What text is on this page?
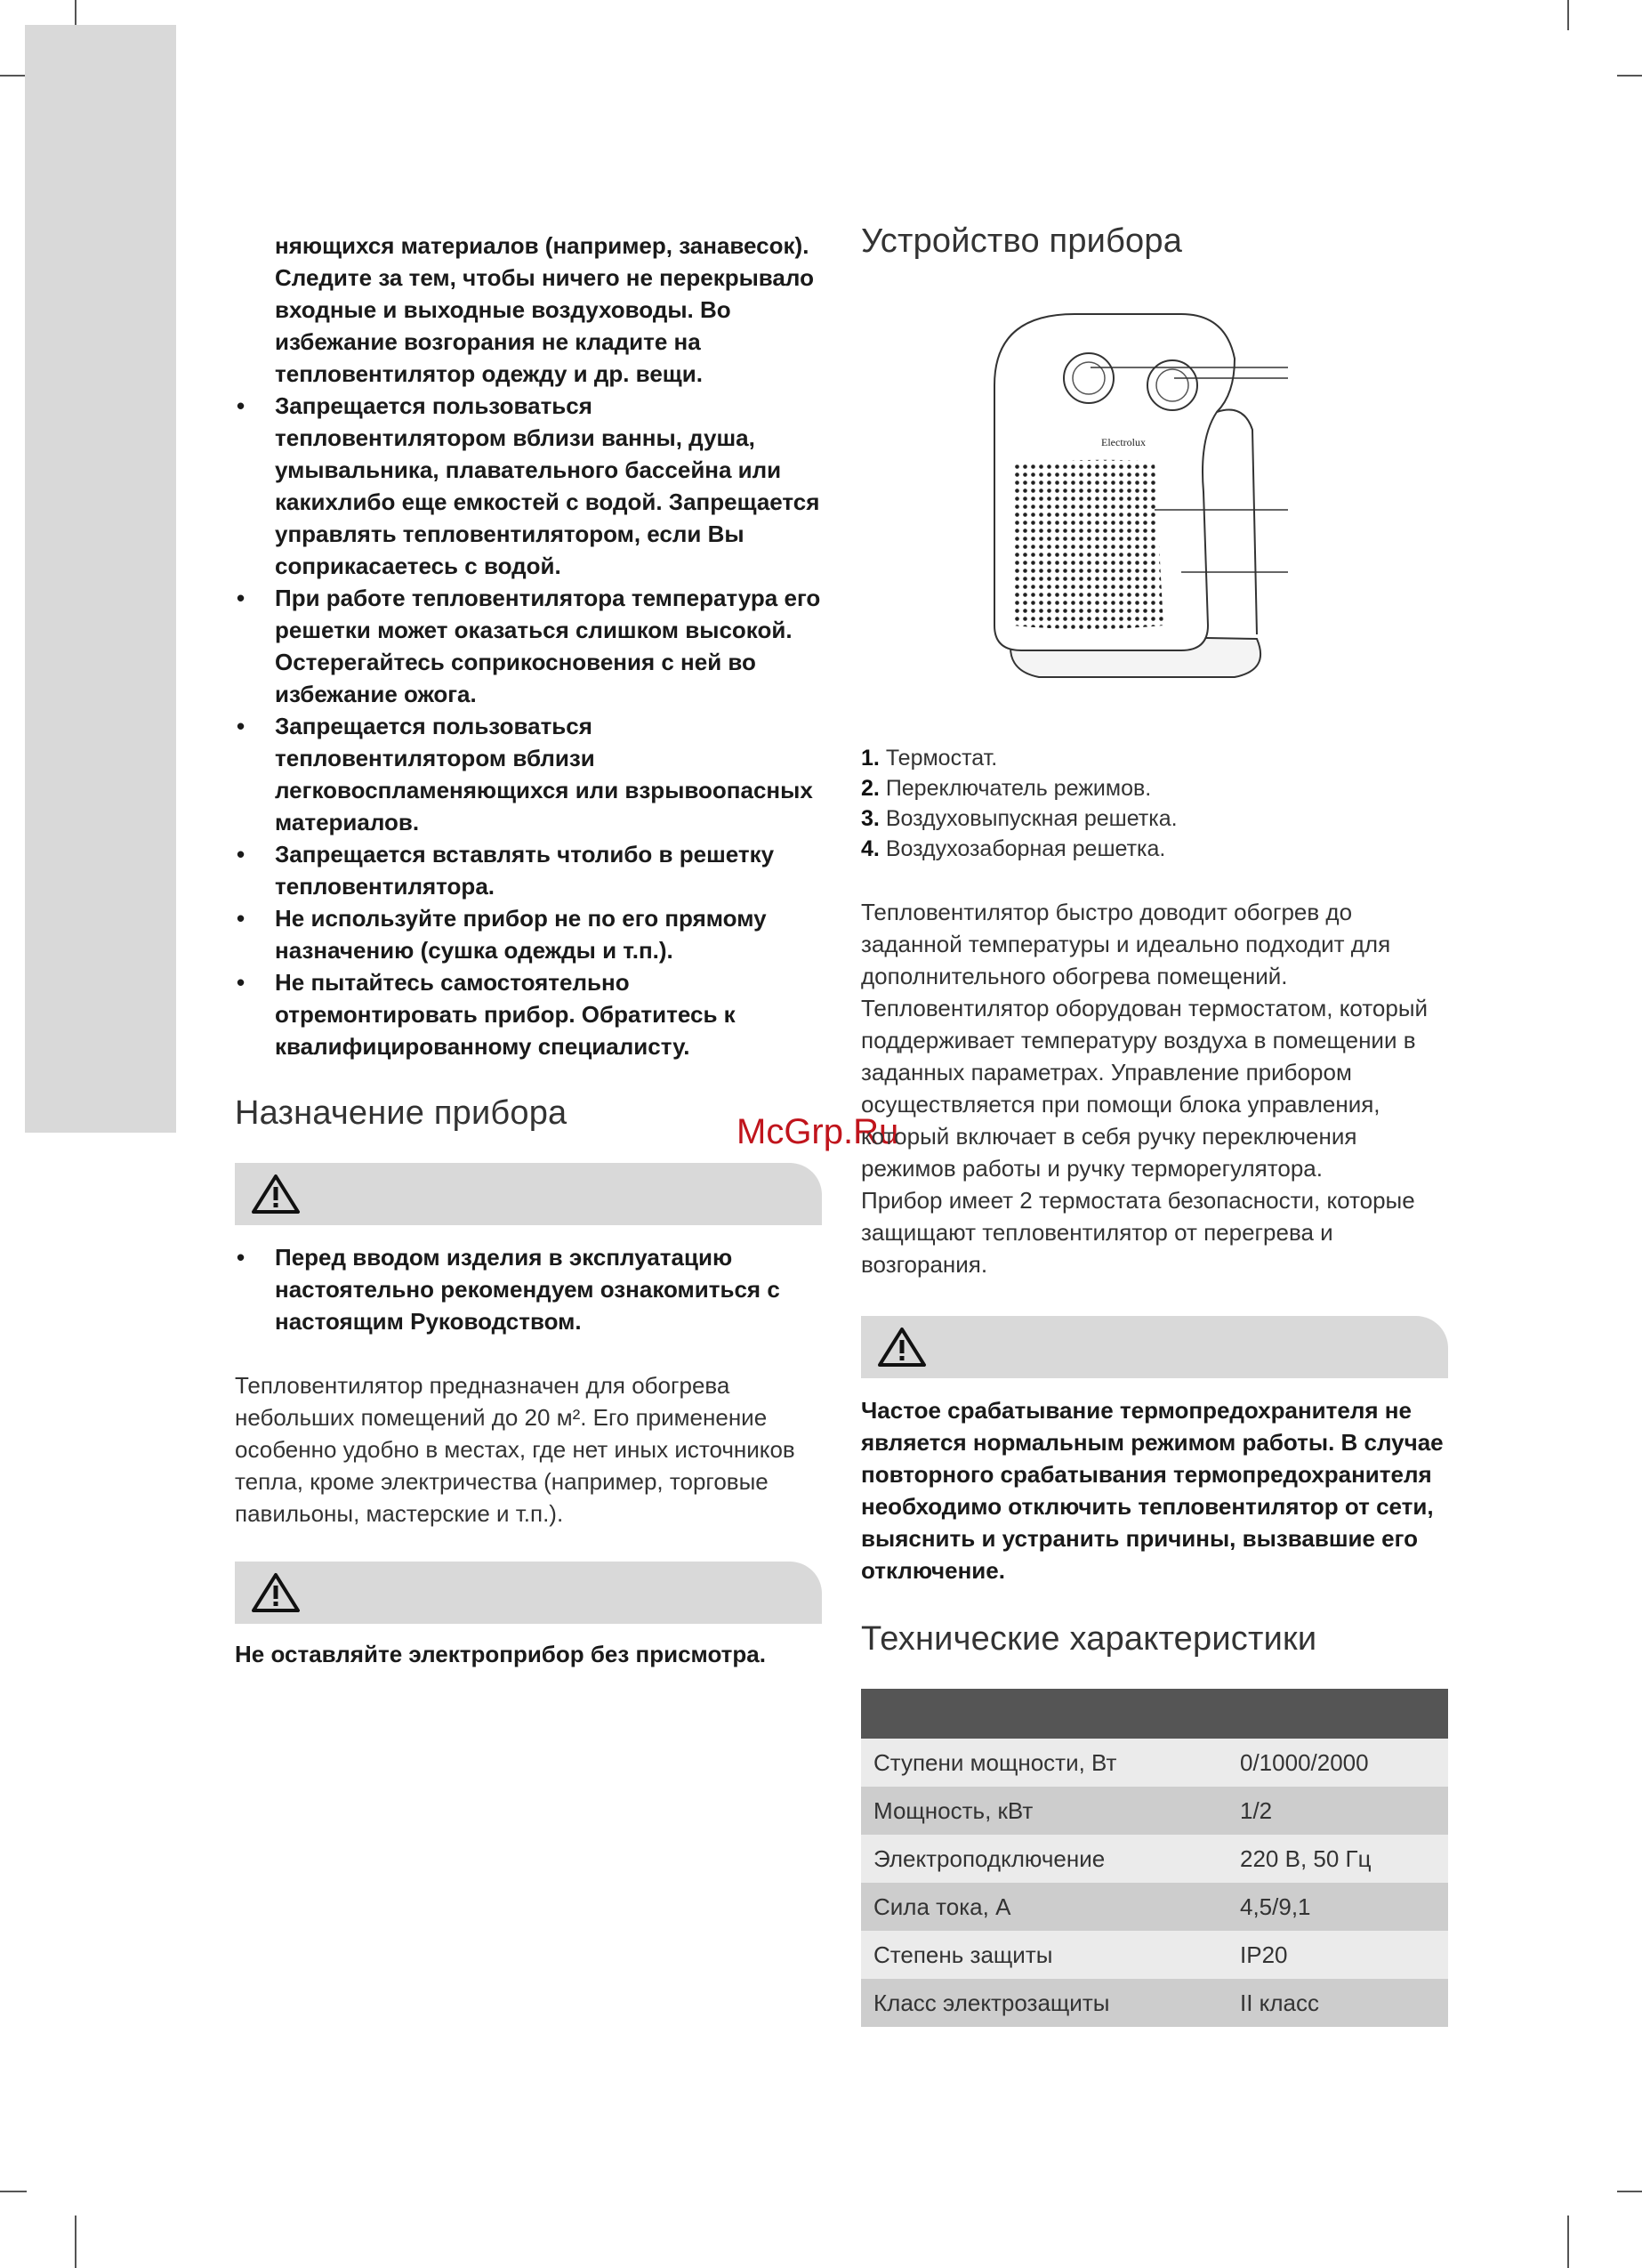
McGrp.Ru

няющихся материалов (например, занавесок). Следите за тем, чтобы ничего не перекрывало входные и выходные воздуховоды. Во избежание возгорания не кладите на тепловентилятор одежду и др. вещи.

• Запрещается пользоваться тепловентилятором вблизи ванны, душа, умывальника, плавательного бассейна или какихлибо еще емкостей с водой. Запрещается управлять тепловентилятором, если Вы соприкасаетесь с водой.
• При работе тепловентилятора температура его решетки может оказаться слишком высокой. Остерегайтесь соприкосновения с ней во избежание ожога.
• Запрещается пользоваться тепловентилятором вблизи легковоспламеняющихся или взрывоопасных материалов.
• Запрещается вставлять чтолибо в решетку тепловентилятора.
• Не используйте прибор не по его прямому назначению (сушка одежды и т.п.).
• Не пытайтесь самостоятельно отремонтировать прибор. Обратитесь к квалифицированному специалисту.
Назначение прибора
• Перед вводом изделия в эксплуатацию настоятельно рекомендуем ознакомиться с настоящим Руководством.

Тепловентилятор предназначен для обогрева небольших помещений до 20 м². Его применение особенно удобно в местах, где нет иных источников тепла, кроме электричества (например, торговые павильоны, мастерские и т.п.).

Не оставляйте электроприбор без присмотра.

Устройство прибора
Electrolux
1. Термостат.
2. Переключатель режимов.
3. Воздуховыпускная решетка.
4. Воздухозаборная решетка.

Тепловентилятор быстро доводит обогрев до заданной температуры и идеально подходит для дополнительного обогрева помещений. Тепловентилятор оборудован термостатом, который поддерживает температуру воздуха в помещении в заданных параметрах. Управление прибором осуществляется при помощи блока управления, который включает в себя ручку переключения режимов работы и ручку терморегулятора.

Прибор имеет 2 термостата безопасности, которые защищают тепловентилятор от перегрева и возгорания.

Частое срабатывание термопредохранителя не является нормальным режимом работы. В случае повторного срабатывания термопредохранителя необходимо отключить тепловентилятор от сети, выяснить и устранить причины, вызвавшие его отключение.

Технические характеристики

Ступени мощности, Вт	0/1000/2000
Мощность, кВт	1/2
Электроподключение	220 В, 50 Гц
Сила тока, А	4,5/9,1
Степень защиты	IP20
Класс электрозащиты	II класс
